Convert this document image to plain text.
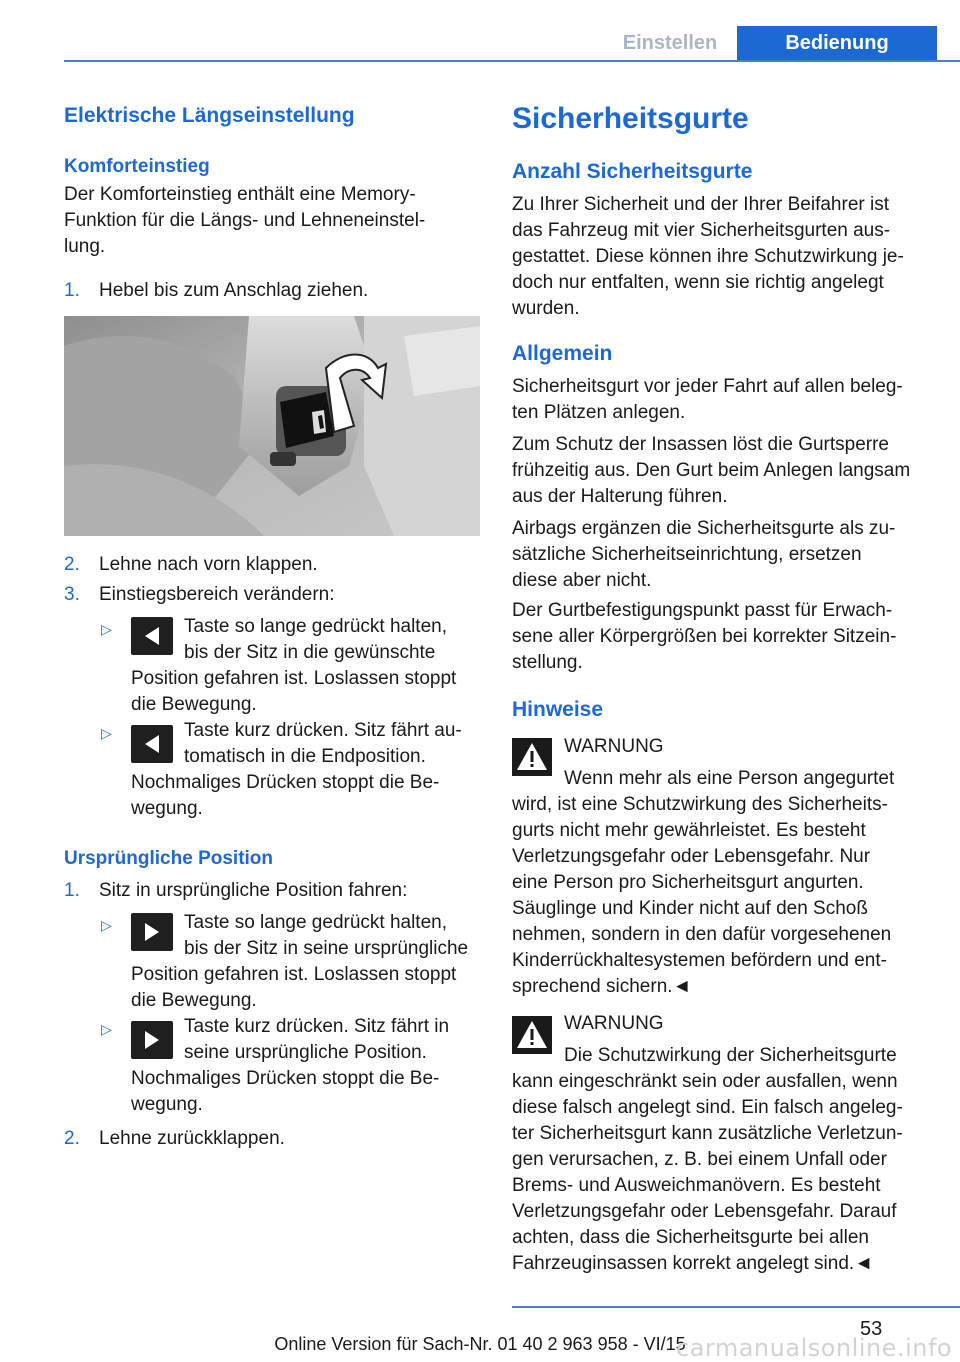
Einstellen	Bedienung
Elektrische Längseinstellung
Komforteinstieg
Der Komforteinstieg enthält eine Memory-
Funktion für die Längs- und Lehneneinstel-
lung.
1. Hebel bis zum Anschlag ziehen.
2. Lehne nach vorn klappen.
3. Einstiegsbereich verändern:
▷	Taste so lange gedrückt halten,
bis der Sitz in die gewünschte
Position gefahren ist. Loslassen stoppt
die Bewegung.
▷	Taste kurz drücken. Sitz fährt au-
tomatisch in die Endposition.
Nochmaliges Drücken stoppt die Be-
wegung.
Ursprüngliche Position
1. Sitz in ursprüngliche Position fahren:
▷	Taste so lange gedrückt halten,
bis der Sitz in seine ursprüngliche
Position gefahren ist. Loslassen stoppt
die Bewegung.
▷	Taste kurz drücken. Sitz fährt in
seine ursprüngliche Position.
Nochmaliges Drücken stoppt die Be-
wegung.
2. Lehne zurückklappen.
Sicherheitsgurte
Anzahl Sicherheitsgurte
Zu Ihrer Sicherheit und der Ihrer Beifahrer ist
das Fahrzeug mit vier Sicherheitsgurten aus-
gestattet. Diese können ihre Schutzwirkung je-
doch nur entfalten, wenn sie richtig angelegt
wurden.
Allgemein
Sicherheitsgurt vor jeder Fahrt auf allen beleg-
ten Plätzen anlegen.
Zum Schutz der Insassen löst die Gurtsperre
frühzeitig aus. Den Gurt beim Anlegen langsam
aus der Halterung führen.
Airbags ergänzen die Sicherheitsgurte als zu-
sätzliche Sicherheitseinrichtung, ersetzen
diese aber nicht.
Der Gurtbefestigungspunkt passt für Erwach-
sene aller Körpergrößen bei korrekter Sitzein-
stellung.
Hinweise
WARNUNG
Wenn mehr als eine Person angegurtet
wird, ist eine Schutzwirkung des Sicherheits-
gurts nicht mehr gewährleistet. Es besteht
Verletzungsgefahr oder Lebensgefahr. Nur
eine Person pro Sicherheitsgurt angurten.
Säuglinge und Kinder nicht auf den Schoß
nehmen, sondern in den dafür vorgesehenen
Kinderrückhaltesystemen befördern und ent-
sprechend sichern.◄
WARNUNG
Die Schutzwirkung der Sicherheitsgurte
kann eingeschränkt sein oder ausfallen, wenn
diese falsch angelegt sind. Ein falsch angeleg-
ter Sicherheitsgurt kann zusätzliche Verletzun-
gen verursachen, z. B. bei einem Unfall oder
Brems- und Ausweichmanövern. Es besteht
Verletzungsgefahr oder Lebensgefahr. Darauf
achten, dass die Sicherheitsgurte bei allen
Fahrzeuginsassen korrekt angelegt sind.◄
53
Online Version für Sach-Nr. 01 40 2 963 958 - VI/15
carmanualsonline.info
